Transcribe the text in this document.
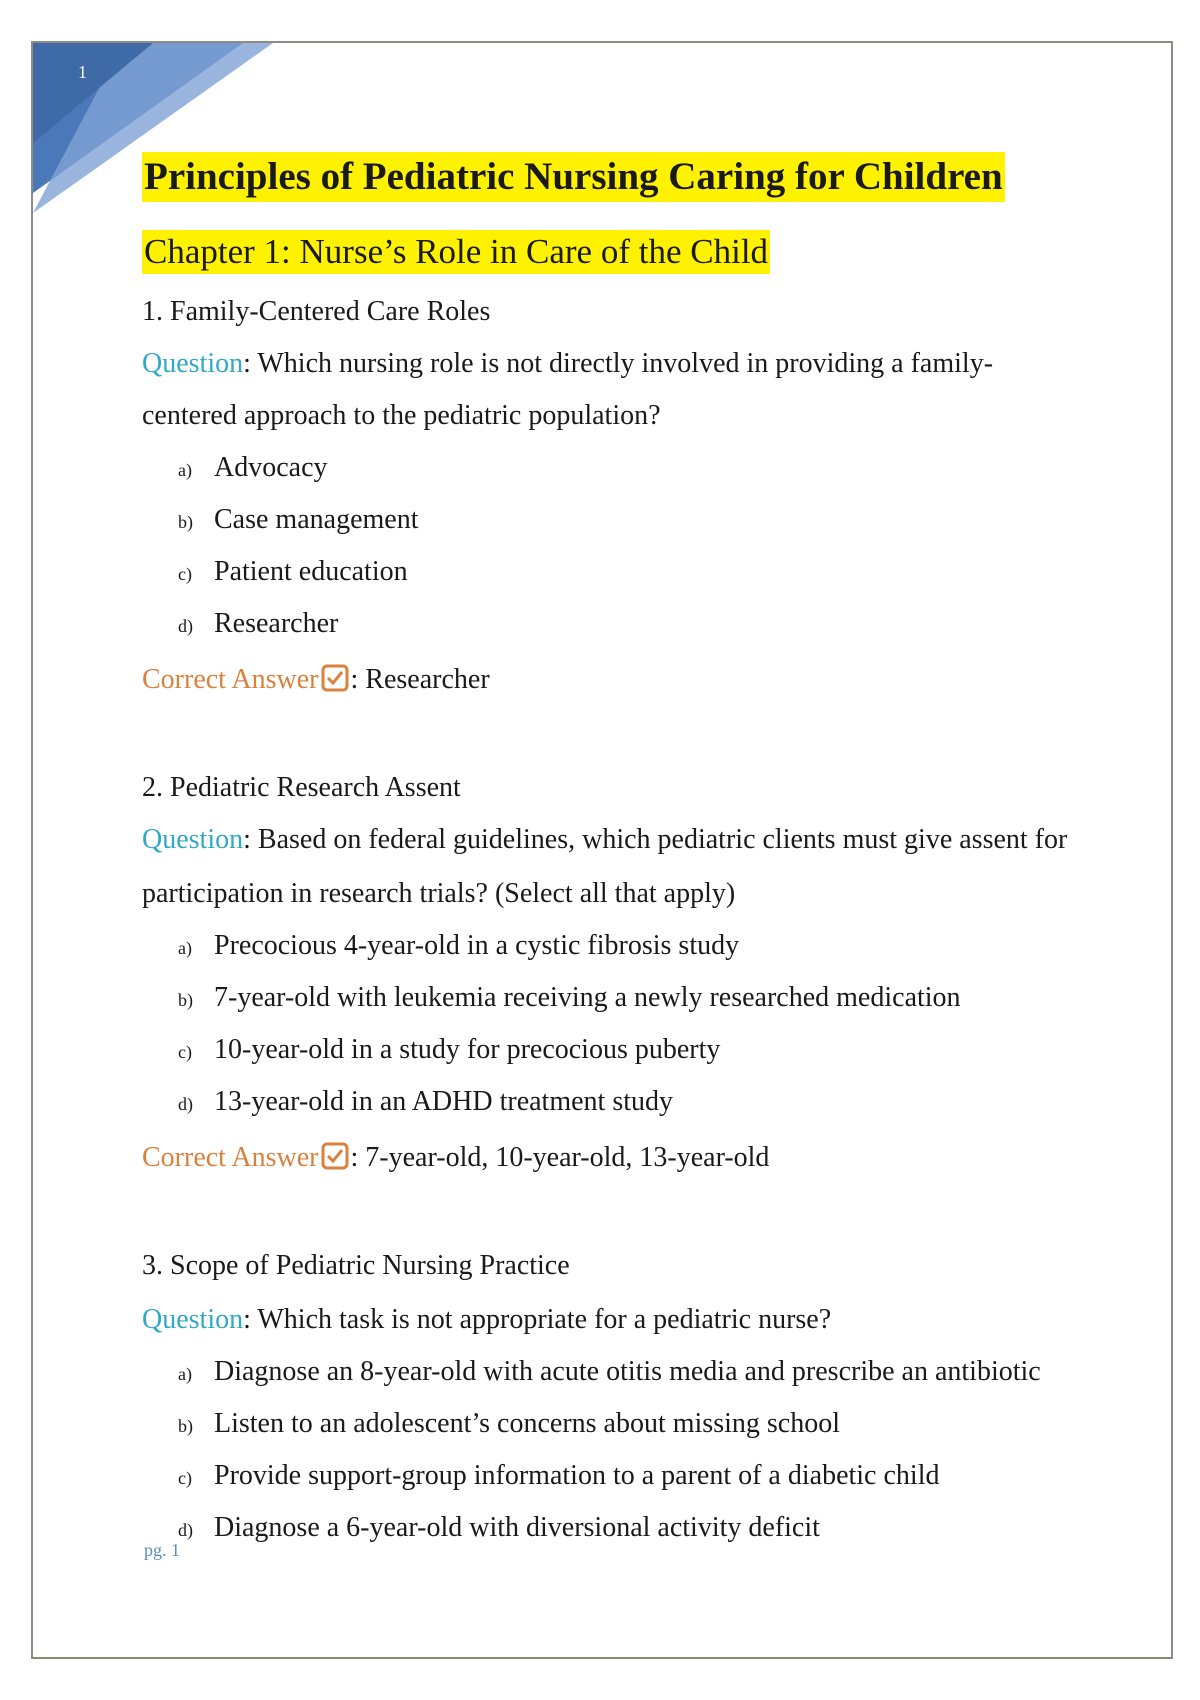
1
Principles of Pediatric Nursing Caring for Children
Chapter 1: Nurse’s Role in Care of the Child
1. Family-Centered Care Roles
Question: Which nursing role is not directly involved in providing a family-
centered approach to the pediatric population?
a) Advocacy
b) Case management
c) Patient education
d) Researcher
Correct Answer : Researcher
2. Pediatric Research Assent
Question: Based on federal guidelines, which pediatric clients must give assent for
participation in research trials? (Select all that apply)
a) Precocious 4-year-old in a cystic fibrosis study
b) 7-year-old with leukemia receiving a newly researched medication
c) 10-year-old in a study for precocious puberty
d) 13-year-old in an ADHD treatment study
Correct Answer : 7-year-old, 10-year-old, 13-year-old
3. Scope of Pediatric Nursing Practice
Question: Which task is not appropriate for a pediatric nurse?
a) Diagnose an 8-year-old with acute otitis media and prescribe an antibiotic
b) Listen to an adolescent’s concerns about missing school
c) Provide support-group information to a parent of a diabetic child
d) Diagnose a 6-year-old with diversional activity deficit
pg. 1
